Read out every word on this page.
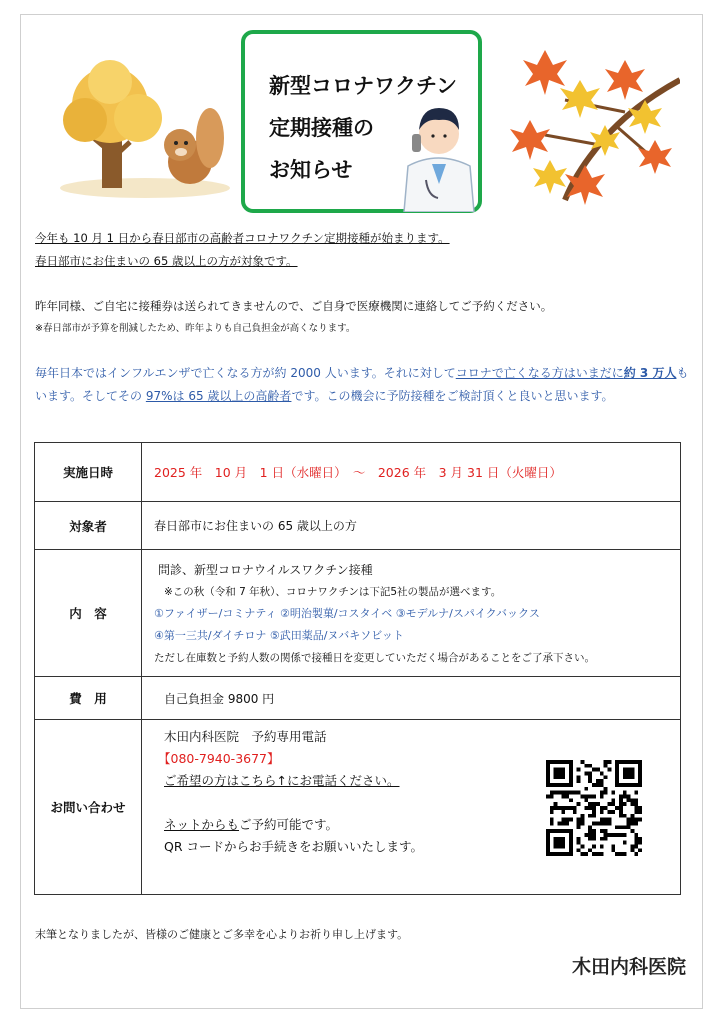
新型コロナワクチン
定期接種の
お知らせ
今年も 10 月 1 日から春日部市の高齢者コロナワクチン定期接種が始まります。
春日部市にお住まいの 65 歳以上の方が対象です。
昨年同様、ご自宅に接種券は送られてきませんので、ご自身で医療機関に連絡してご予約ください。
※春日部市が予算を削減したため、昨年よりも自己負担金が高くなります。
毎年日本ではインフルエンザで亡くなる方が約 2000 人います。それに対してコロナで亡くなる方はいまだに約 3 万人も
います。そしてその 97%は 65 歳以上の高齢者です。この機会に予防接種をご検討頂くと良いと思います。
実施日時	2025 年　10 月　1 日（水曜日）　～　2026 年　3 月 31 日（火曜日）
対象者	春日部市にお住まいの 65 歳以上の方
内　容	問診、新型コロナウイルスワクチン接種
※この秋（令和 7 年秋）、コロナワクチンは下記5社の製品が選べます。
①ファイザー/コミナティ ②明治製菓/コスタイベ ③モデルナ/スパイクバックス
④第一三共/ダイチロナ ⑤武田薬品/ヌバキソビット
ただし在庫数と予約人数の関係で接種日を変更していただく場合があることをご了承下さい。

費　用	自己負担金 9800 円
お問い合わせ	木田内科医院　予約専用電話
【080-7940-3677】
ご希望の方はこちら↑にお電話ください。
ネットからもご予約可能です。
QR コードからお手続きをお願いいたします。
末筆となりましたが、皆様のご健康とご多幸を心よりお祈り申し上げます。
木田内科医院
